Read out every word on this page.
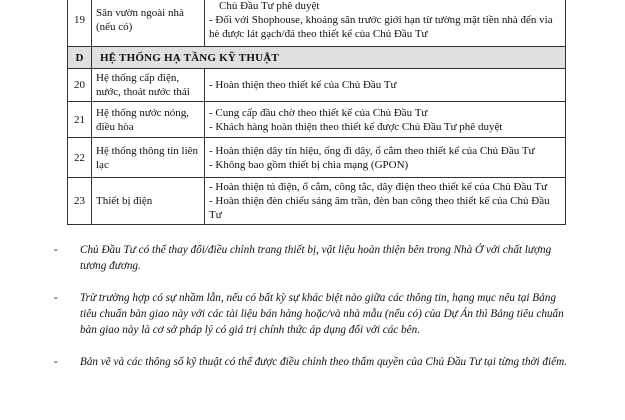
19	Sân vườn ngoài nhà (nếu có)	Chủ Đầu Tư phê duyệt
- Đối với Shophouse, khoảng sân trước giới hạn từ tường mặt tiền nhà đến via hè được lát gạch/đá theo thiết kế của Chủ Đầu Tư

D	HỆ THỐNG HẠ TẦNG KỸ THUẬT	
20	Hệ thống cấp điện, nước, thoát nước thải	- Hoàn thiện theo thiết kế của Chủ Đầu Tư

21	Hệ thống nước nóng, điều hòa	- Cung cấp đầu chờ theo thiết kế của Chủ Đầu Tư
- Khách hàng hoàn thiện theo thiết kế được Chủ Đầu Tư phê duyệt

22	Hệ thống thông tin liên lạc	- Hoàn thiện dây tín hiệu, ống đi dây, ổ cắm theo thiết kế của Chủ Đầu Tư
- Không bao gồm thiết bị chia mạng (GPON)

23	Thiết bị điện	- Hoàn thiện tủ điện, ổ cắm, công tắc, dây điện theo thiết kế của Chủ Đầu Tư
- Hoàn thiện đèn chiếu sáng âm trần, đèn ban công theo thiết kế của Chủ Đầu Tư
- Chủ Đầu Tư có thể thay đổi/điều chỉnh trang thiết bị, vật liệu hoàn thiện bên trong Nhà Ở với chất lượng tương đương.
- Trừ trường hợp có sự nhầm lẫn, nếu có bất kỳ sự khác biệt nào giữa các thông tin, hạng mục nêu tại Bảng tiêu chuẩn bàn giao này với các tài liệu bán hàng hoặc/và nhà mẫu (nếu có) của Dự Án thì Bảng tiêu chuẩn bàn giao này là cơ sở pháp lý có giá trị chính thức áp dụng đối với các bên.
- Bản vẽ và các thông số kỹ thuật có thể được điều chỉnh theo thẩm quyền của Chủ Đầu Tư tại từng thời điểm.
